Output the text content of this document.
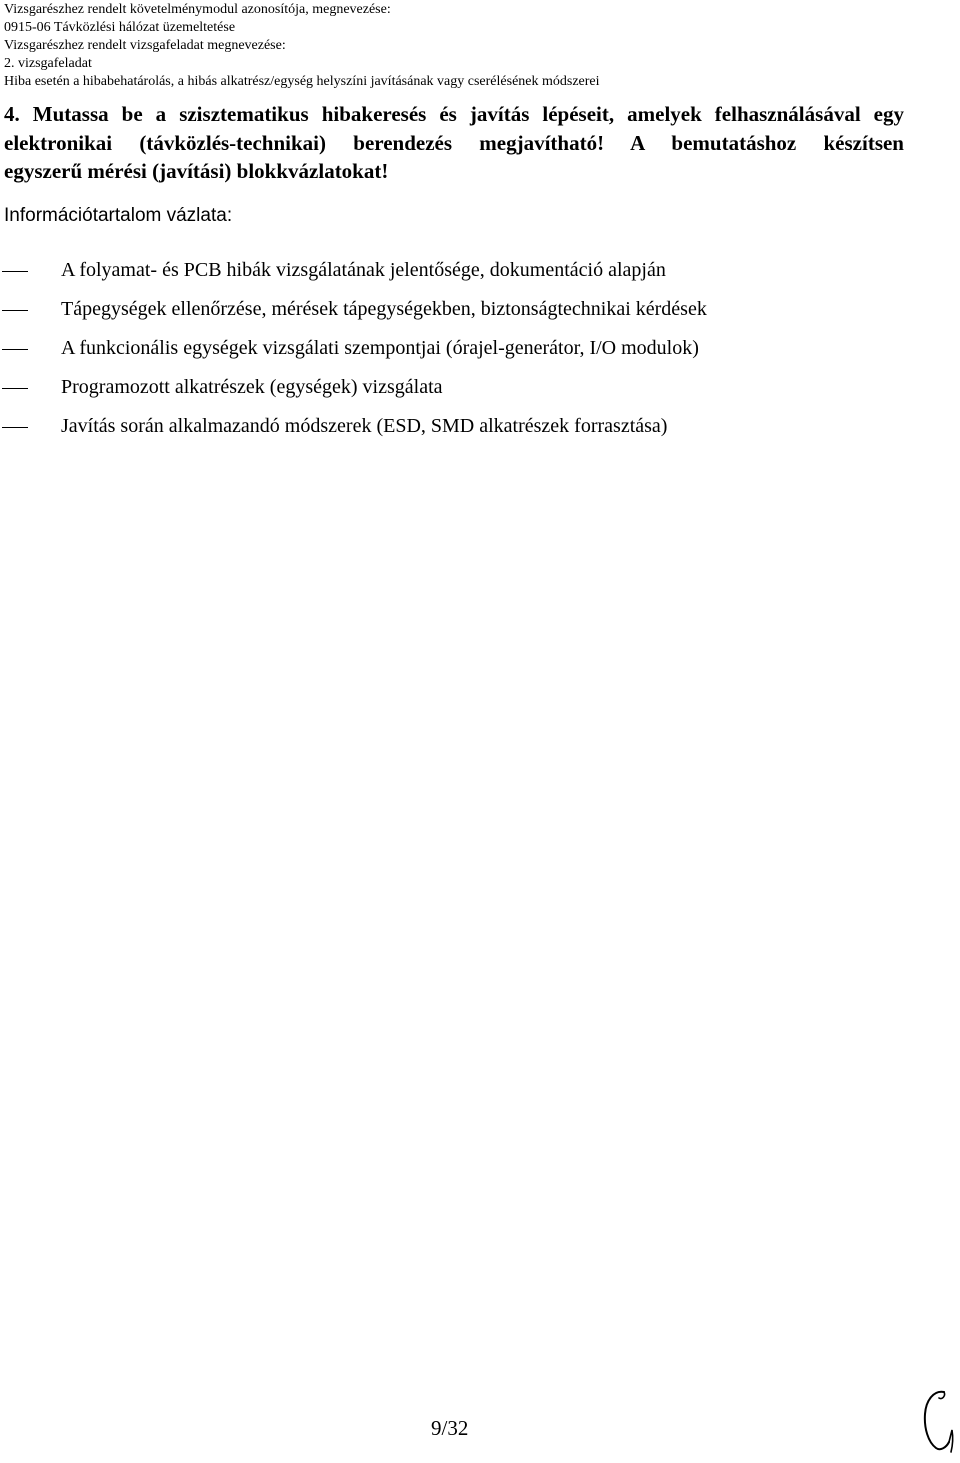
Vizsgarészhez rendelt követelménymodul azonosítója, megnevezése:
0915-06 Távközlési hálózat üzemeltetése
Vizsgarészhez rendelt vizsgafeladat megnevezése:
2. vizsgafeladat
Hiba esetén a hibabehatárolás, a hibás alkatrész/egység helyszíni javításának vagy cserélésének módszerei
4. Mutassa be a szisztematikus hibakeresés és javítás lépéseit, amelyek felhasználásával egy
elektronikai (távközlés-technikai) berendezés megjavítható! A bemutatáshoz készítsen
egyszerű mérési (javítási) blokkvázlatokat!
Információtartalom vázlata:
A folyamat- és PCB hibák vizsgálatának jelentősége, dokumentáció alapján
Tápegységek ellenőrzése, mérések tápegységekben, biztonságtechnikai kérdések
A funkcionális egységek vizsgálati szempontjai (órajel-generátor, I/O modulok)
Programozott alkatrészek (egységek) vizsgálata
Javítás során alkalmazandó módszerek (ESD, SMD alkatrészek forrasztása)
9/32
